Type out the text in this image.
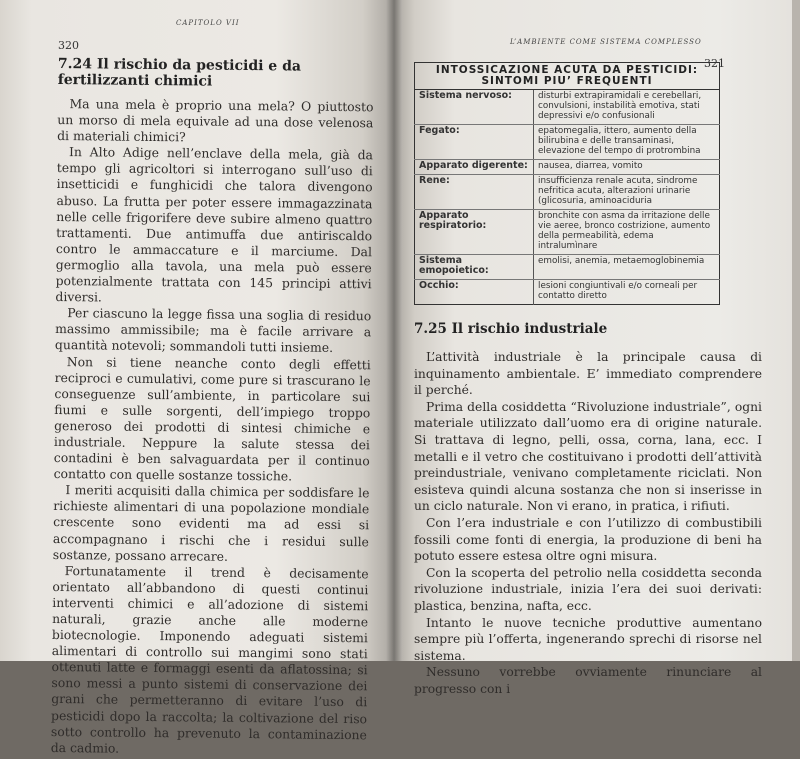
CAPITOLO VII
320
7.24 Il rischio da pesticidi e da fertilizzanti chimici

Ma una mela è proprio una mela? O piuttosto un morso di mela equivale ad una dose velenosa di materiali chimici?

In Alto Adige nell’enclave della mela, già da tempo gli agricoltori si interrogano sull’uso di insetticidi e funghicidi che talora divengono abuso. La frutta per poter essere immagazzinata nelle celle frigorifere deve subire almeno quattro trattamenti. Due antimuffa due antiriscaldo contro le ammaccature e il marciume. Dal germoglio alla tavola, una mela può essere potenzialmente trattata con 145 principi attivi diversi.

Per ciascuno la legge fissa una soglia di residuo massimo ammissibile; ma è facile arrivare a quantità notevoli; sommandoli tutti insieme.

Non si tiene neanche conto degli effetti reciproci e cumulativi, come pure si trascurano le conseguenze sull’ambiente, in particolare sui fiumi e sulle sorgenti, dell’impiego troppo generoso dei prodotti di sintesi chimiche e industriale. Neppure la salute stessa dei contadini è ben salvaguardata per il continuo contatto con quelle sostanze tossiche.

I meriti acquisiti dalla chimica per soddisfare le richieste alimentari di una popolazione mondiale crescente sono evidenti ma ad essi si accompagnano i rischi che i residui sulle sostanze, possano arrecare.

Fortunatamente il trend è decisamente orientato all’abbandono di questi continui interventi chimici e all’adozione di sistemi naturali, grazie anche alle moderne biotecnologie. Imponendo adeguati sistemi alimentari di controllo sui mangimi sono stati ottenuti latte e formaggi esenti da aflatossina; si sono messi a punto sistemi di conservazione dei grani che permetteranno di evitare l’uso di pesticidi dopo la raccolta; la coltivazione del riso sotto controllo ha prevenuto la contaminazione da cadmio.

L’AMBIENTE COME SISTEMA COMPLESSO
321
INTOSSICAZIONE ACUTA DA PESTICIDI:
SINTOMI PIU’ FREQUENTI	

Sistema nervoso:	disturbi extrapiramidali e cerebellari, convulsioni, instabilità emotiva, stati depressivi e/o confusionali
Fegato:	epatomegalia, ittero, aumento della bilirubina e delle transaminasi, elevazione del tempo di protrombina
Apparato digerente:	nausea, diarrea, vomito
Rene:	insufficienza renale acuta, sindrome nefritica acuta, alterazioni urinarie (glicosuria, aminoaciduria
Apparato respiratorio:	bronchite con asma da irritazione delle vie aeree, bronco costrizione, aumento della permeabilità, edema intralumìnare
Sistema emopoietico:	emolisi, anemia, metaemoglobinemia
Occhio:	lesioni congiuntivali e/o corneali per contatto diretto
7.25 Il rischio industriale

L’attività industriale è la principale causa di inquinamento ambientale. E’ immediato comprendere il perché.

Prima della cosiddetta “Rivoluzione industriale”, ogni materiale utilizzato dall’uomo era di origine naturale. Si trattava di legno, pelli, ossa, corna, lana, ecc. I metalli e il vetro che costituivano i prodotti dell’attività preindustriale, venivano completamente riciclati. Non esisteva quindi alcuna sostanza che non si inserisse in un ciclo naturale. Non vi erano, in pratica, i rifiuti.

Con l’era industriale e con l’utilizzo di combustibili fossili come fonti di energia, la produzione di beni ha potuto essere estesa oltre ogni misura.

Con la scoperta del petrolio nella cosiddetta seconda rivoluzione industriale, inizia l’era dei suoi derivati: plastica, benzina, nafta, ecc.

Intanto le nuove tecniche produttive aumentano sempre più l’offerta, ingenerando sprechi di risorse nel sistema.

Nessuno vorrebbe ovviamente rinunciare al progresso con i
